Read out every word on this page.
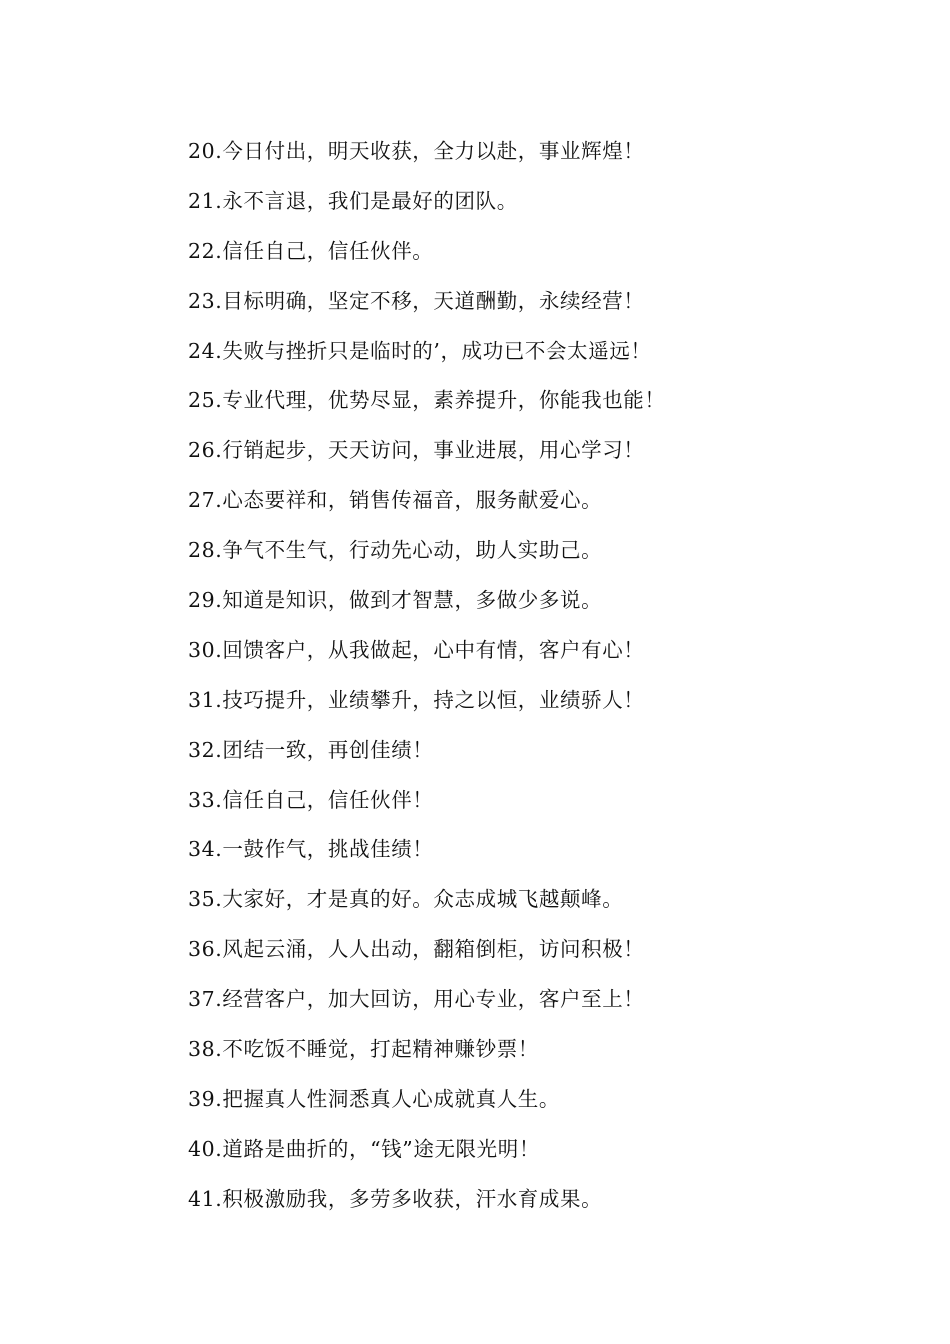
20.今日付出，明天收获，全力以赴，事业辉煌！
21.永不言退，我们是最好的团队。
22.信任自己，信任伙伴。
23.目标明确，坚定不移，天道酬勤，永续经营！
24.失败与挫折只是临时的’，成功已不会太遥远！
25.专业代理，优势尽显，素养提升，你能我也能！
26.行销起步，天天访问，事业进展，用心学习！
27.心态要祥和，销售传福音，服务献爱心。
28.争气不生气，行动先心动，助人实助己。
29.知道是知识，做到才智慧，多做少多说。
30.回馈客户，从我做起，心中有情，客户有心！
31.技巧提升，业绩攀升，持之以恒，业绩骄人！
32.团结一致，再创佳绩！
33.信任自己，信任伙伴！
34.一鼓作气，挑战佳绩！
35.大家好，才是真的好。众志成城飞越颠峰。
36.风起云涌，人人出动，翻箱倒柜，访问积极！
37.经营客户，加大回访，用心专业，客户至上！
38.不吃饭不睡觉，打起精神赚钞票！
39.把握真人性洞悉真人心成就真人生。
40.道路是曲折的，“钱”途无限光明！
41.积极激励我，多劳多收获，汗水育成果。
